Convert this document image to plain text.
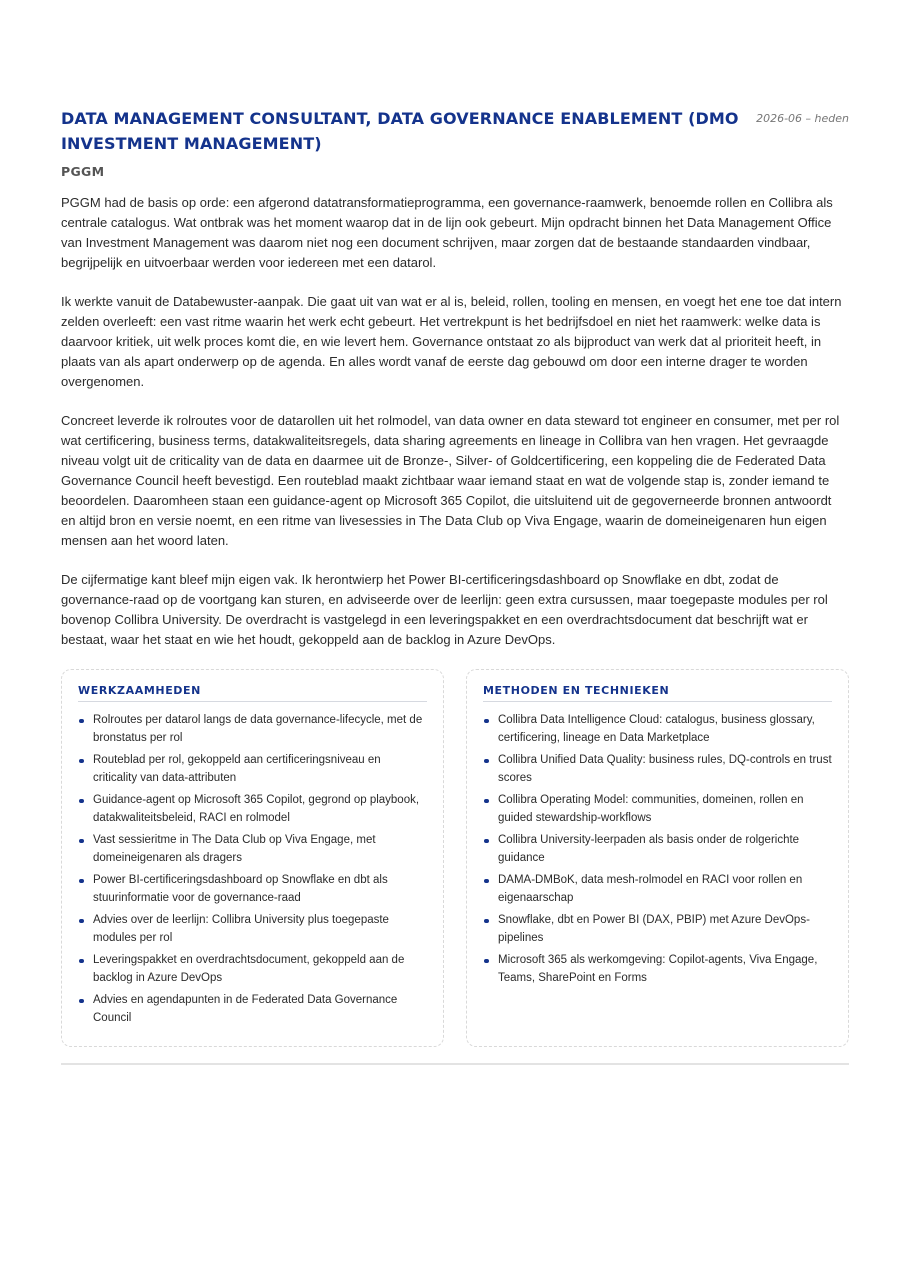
DATA MANAGEMENT CONSULTANT, DATA GOVERNANCE ENABLEMENT (DMO INVESTMENT MANAGEMENT)
2026-06 – heden
PGGM

PGGM had de basis op orde: een afgerond datatransformatieprogramma, een governance-raamwerk, benoemde rollen en Collibra als centrale catalogus. Wat ontbrak was het moment waarop dat in de lijn ook gebeurt. Mijn opdracht binnen het Data Management Office van Investment Management was daarom niet nog een document schrijven, maar zorgen dat de bestaande standaarden vindbaar, begrijpelijk en uitvoerbaar werden voor iedereen met een datarol.

Ik werkte vanuit de Databewuster-aanpak. Die gaat uit van wat er al is, beleid, rollen, tooling en mensen, en voegt het ene toe dat intern zelden overleeft: een vast ritme waarin het werk echt gebeurt. Het vertrekpunt is het bedrijfsdoel en niet het raamwerk: welke data is daarvoor kritiek, uit welk proces komt die, en wie levert hem. Governance ontstaat zo als bijproduct van werk dat al prioriteit heeft, in plaats van als apart onderwerp op de agenda. En alles wordt vanaf de eerste dag gebouwd om door een interne drager te worden overgenomen.

Concreet leverde ik rolroutes voor de datarollen uit het rolmodel, van data owner en data steward tot engineer en consumer, met per rol wat certificering, business terms, datakwaliteitsregels, data sharing agreements en lineage in Collibra van hen vragen. Het gevraagde niveau volgt uit de criticality van de data en daarmee uit de Bronze-, Silver- of Goldcertificering, een koppeling die de Federated Data Governance Council heeft bevestigd. Een routeblad maakt zichtbaar waar iemand staat en wat de volgende stap is, zonder iemand te beoordelen. Daaromheen staan een guidance-agent op Microsoft 365 Copilot, die uitsluitend uit de gegoverneerde bronnen antwoordt en altijd bron en versie noemt, en een ritme van livesessies in The Data Club op Viva Engage, waarin de domeineigenaren hun eigen mensen aan het woord laten.

De cijfermatige kant bleef mijn eigen vak. Ik herontwierp het Power BI-certificeringsdashboard op Snowflake en dbt, zodat de governance-raad op de voortgang kan sturen, en adviseerde over de leerlijn: geen extra cursussen, maar toegepaste modules per rol bovenop Collibra University. De overdracht is vastgelegd in een leveringspakket en een overdrachtsdocument dat beschrijft wat er bestaat, waar het staat en wie het houdt, gekoppeld aan de backlog in Azure DevOps.

WERKZAAMHEDEN
Rolroutes per datarol langs de data governance-lifecycle, met de bronstatus per rol
Routeblad per rol, gekoppeld aan certificeringsniveau en criticality van data-attributen
Guidance-agent op Microsoft 365 Copilot, gegrond op playbook, datakwaliteitsbeleid, RACI en rolmodel
Vast sessieritme in The Data Club op Viva Engage, met domeineigenaren als dragers
Power BI-certificeringsdashboard op Snowflake en dbt als stuurinformatie voor de governance-raad
Advies over de leerlijn: Collibra University plus toegepaste modules per rol
Leveringspakket en overdrachtsdocument, gekoppeld aan de backlog in Azure DevOps
Advies en agendapunten in de Federated Data Governance Council
METHODEN EN TECHNIEKEN
Collibra Data Intelligence Cloud: catalogus, business glossary, certificering, lineage en Data Marketplace
Collibra Unified Data Quality: business rules, DQ-controls en trust scores
Collibra Operating Model: communities, domeinen, rollen en guided stewardship-workflows
Collibra University-leerpaden als basis onder de rolgerichte guidance
DAMA-DMBoK, data mesh-rolmodel en RACI voor rollen en eigenaarschap
Snowflake, dbt en Power BI (DAX, PBIP) met Azure DevOps-pipelines
Microsoft 365 als werkomgeving: Copilot-agents, Viva Engage, Teams, SharePoint en Forms
